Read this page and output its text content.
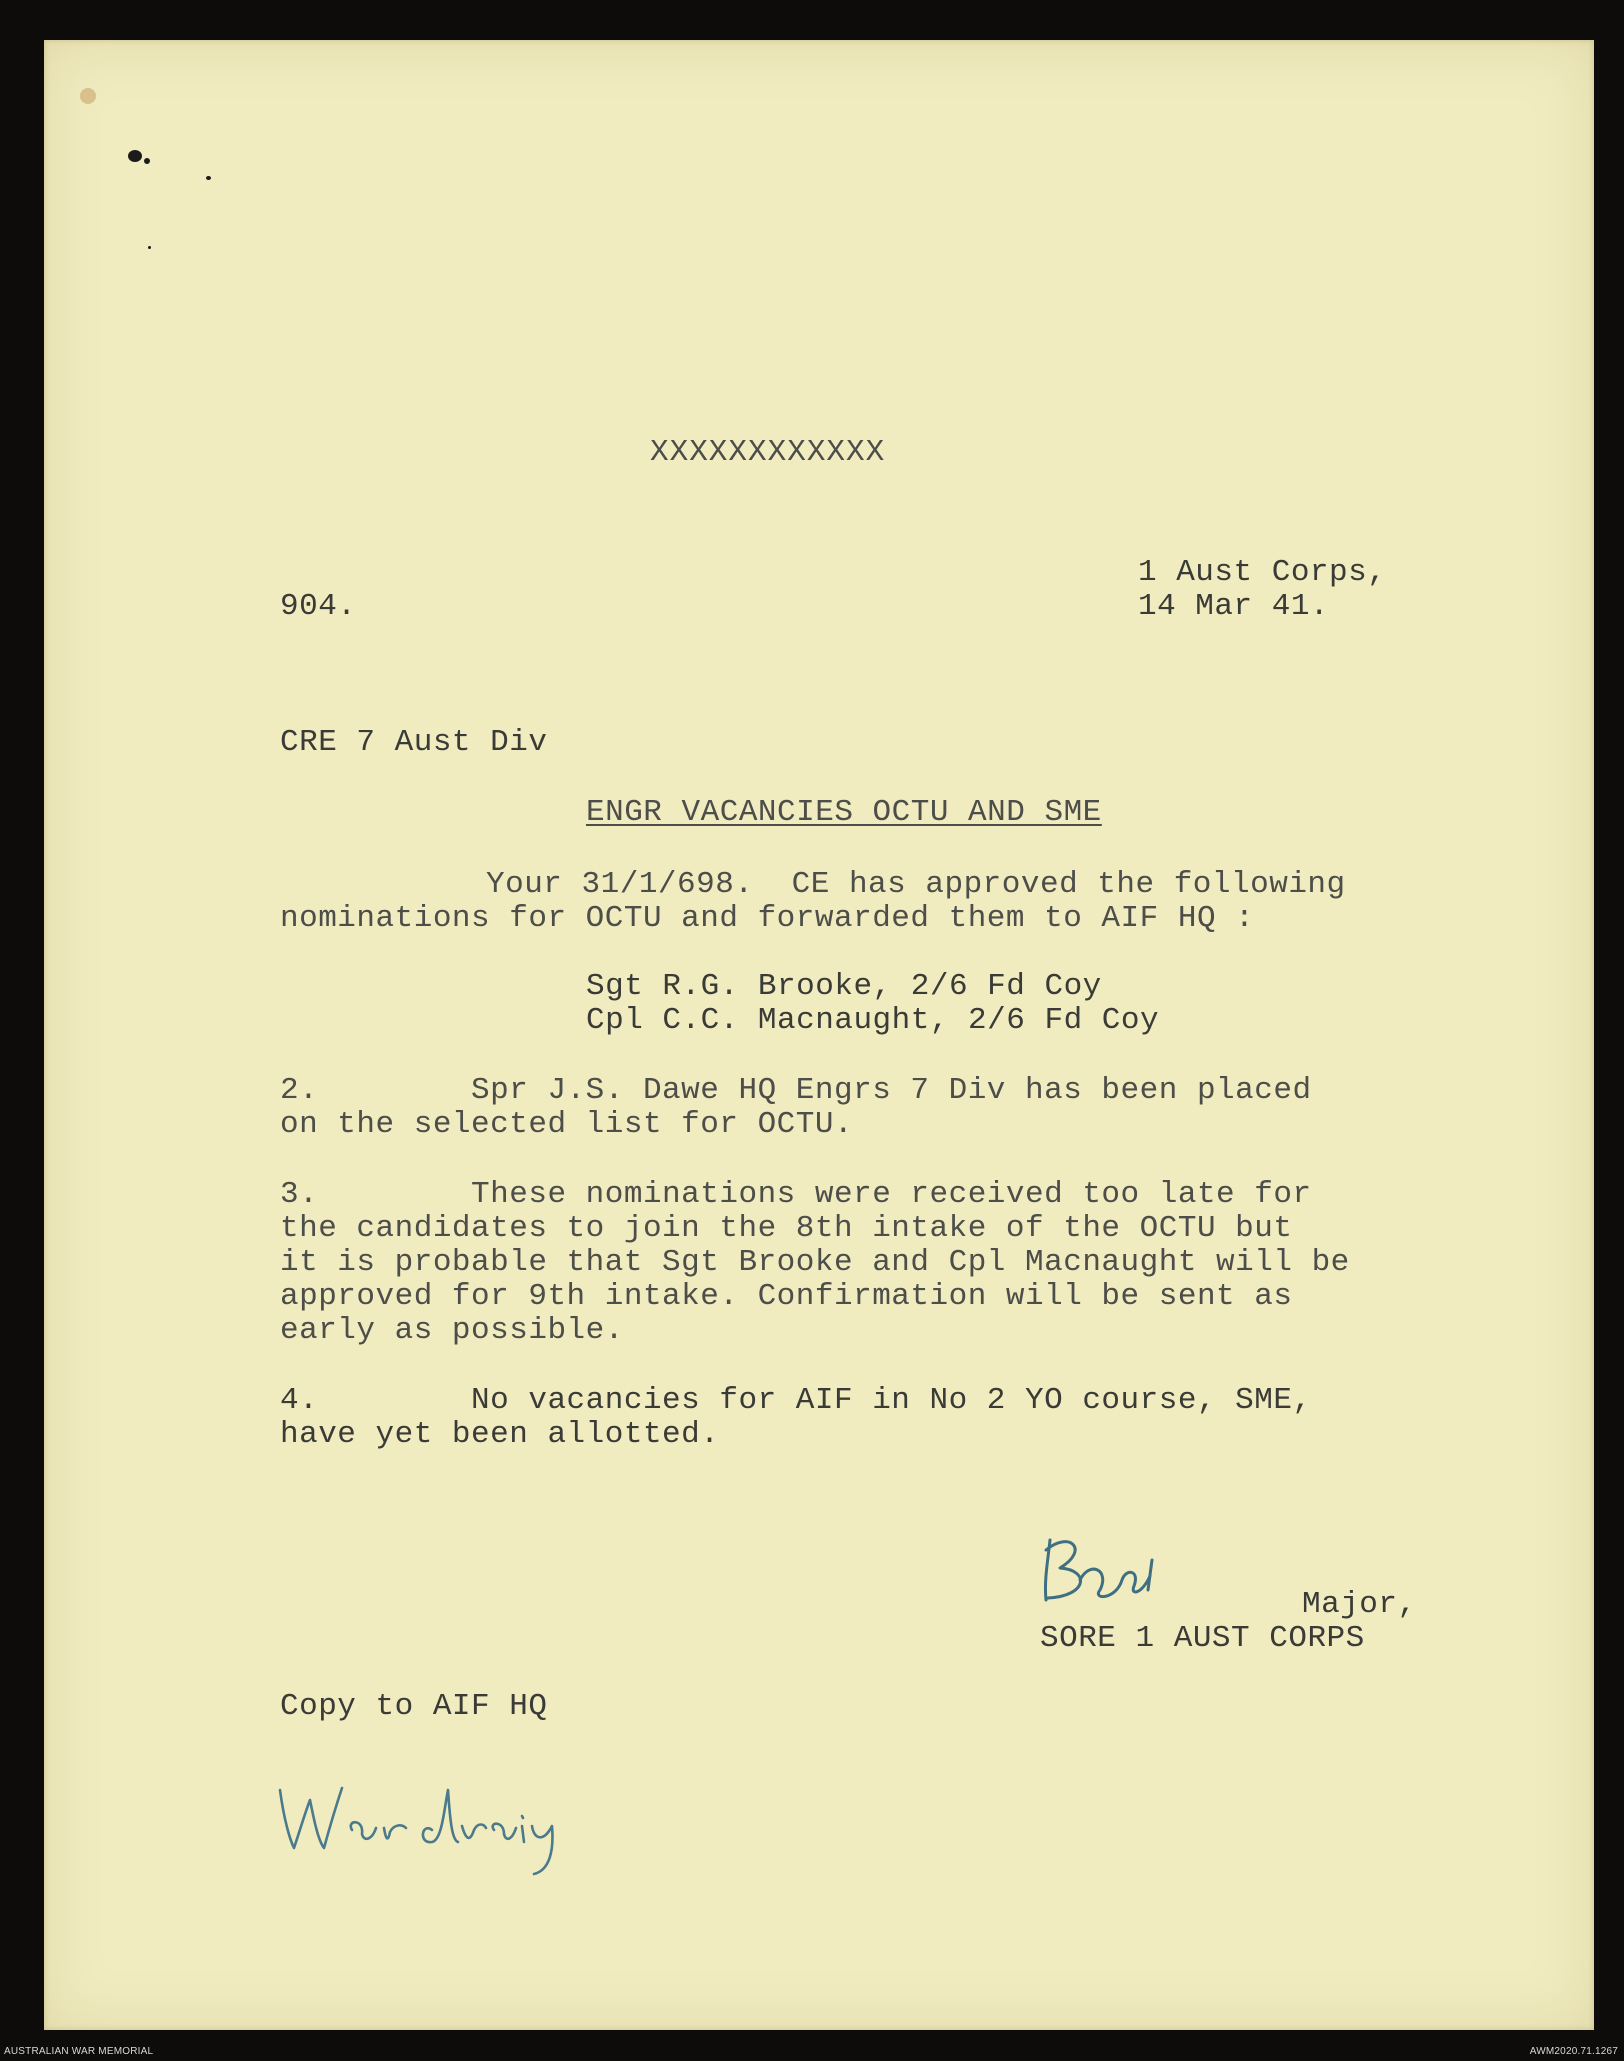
XXXXXXXXXXXX
1 Aust Corps,
904.	14 Mar 41.
CRE 7 Aust Div
ENGR VACANCIES OCTU AND SME
Your 31/1/698.  CE has approved the following
nominations for OCTU and forwarded them to AIF HQ :
Sgt R.G. Brooke, 2/6 Fd Coy
Cpl C.C. Macnaught, 2/6 Fd Coy
2.        Spr J.S. Dawe HQ Engrs 7 Div has been placed
on the selected list for OCTU.
3.        These nominations were received too late for
the candidates to join the 8th intake of the OCTU but
it is probable that Sgt Brooke and Cpl Macnaught will be
approved for 9th intake. Confirmation will be sent as
early as possible.
4.        No vacancies for AIF in No 2 YO course, SME,
have yet been allotted.
Major,
SORE 1 AUST CORPS
Copy to AIF HQ
War diary
AUSTRALIAN WAR MEMORIAL	AWM2020.71.1267
